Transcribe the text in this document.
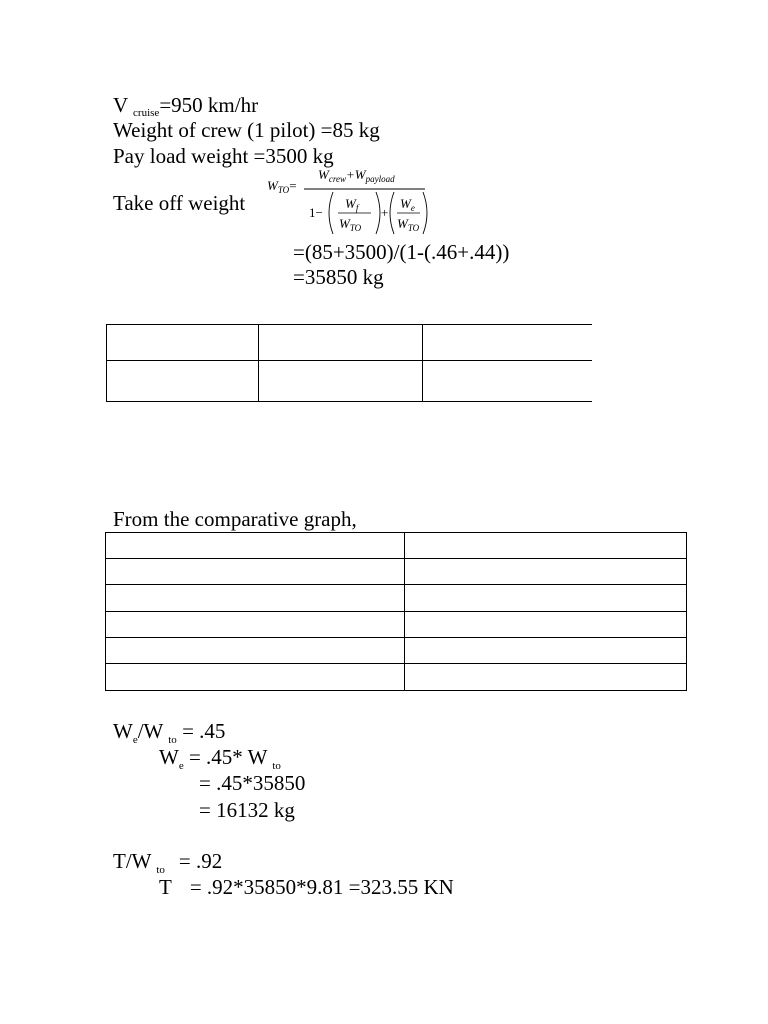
V $_{cruise}$=950 km/hr
Weight of crew (1 pilot) =85 kg
Pay load weight =3500 kg
Take off weight
$W_{TO}=$
$W_{crew}+W_{payload}$
1−
$W_f$
$W_{TO}$
+
$W_e$
$W_{TO}$
=(85+3500)/(1-(.46+.44))
=35850 kg

From the comparative graph,

$W_e/W$ $_{to}$ = .45
$W_e = .45*$ W $_{to}$
= .45*35850
= 16132 kg
T/W $_{to}$ = .92
T = .92*35850*9.81 =323.55 KN
